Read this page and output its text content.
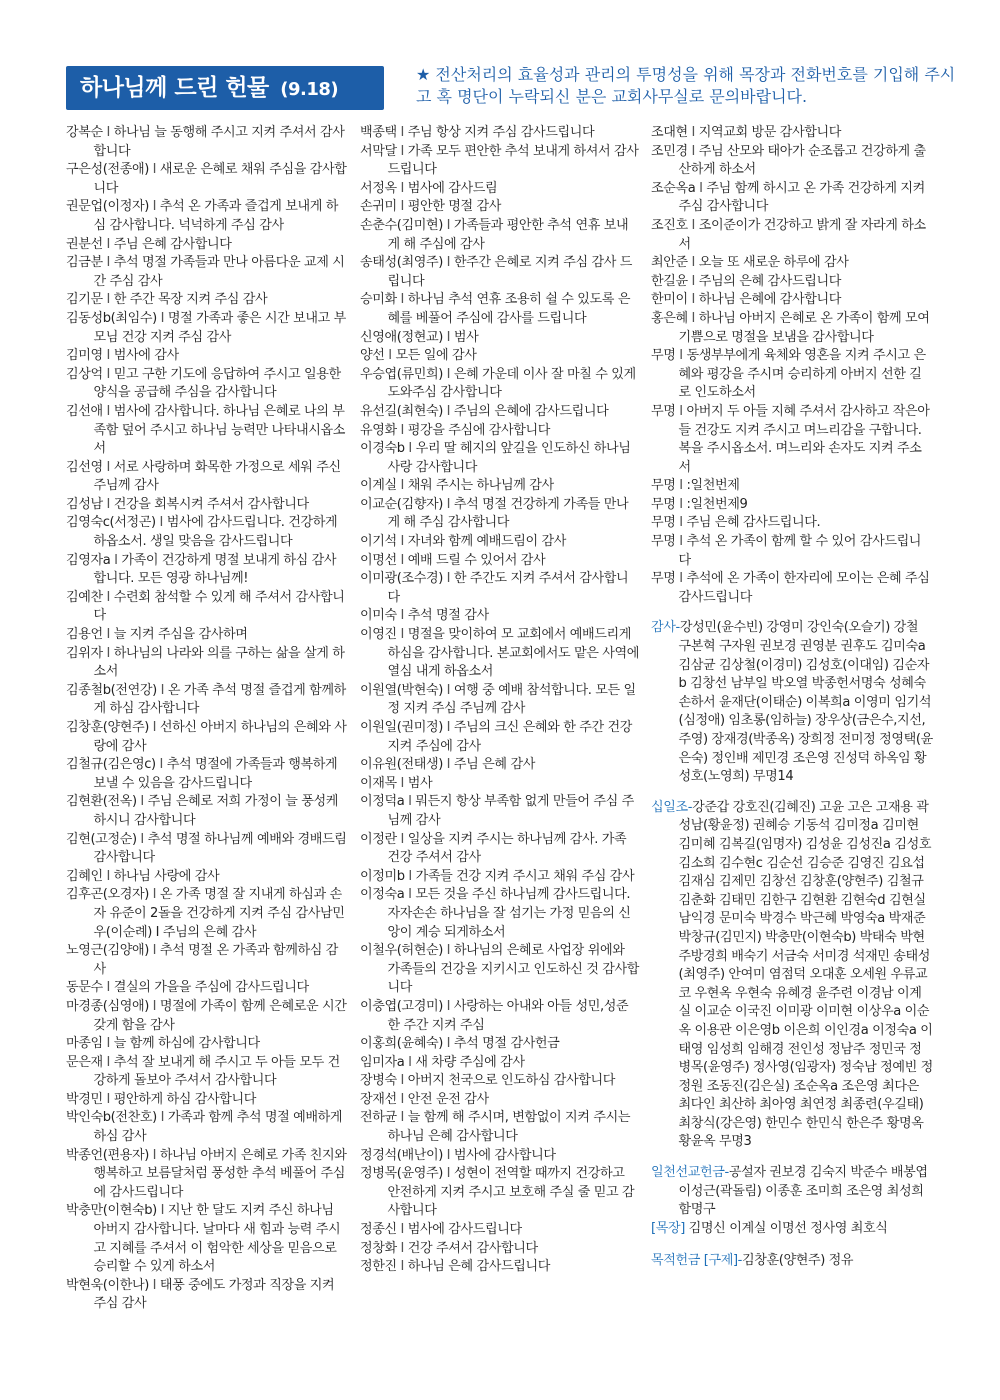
하나님께 드린 헌물 (9.18)
★ 전산처리의 효율성과 관리의 투명성을 위해 목장과 전화번호를 기입해 주시고 혹 명단이 누락되신 분은 교회사무실로 문의바랍니다.

강복순 I 하나님 늘 동행해 주시고 지켜 주셔서 감사합니다

구은성(전종애) I 새로운 은혜로 채워 주심을 감사합니다

권문업(이정자) I 추석 온 가족과 즐겁게 보내게 하심 감사합니다. 넉넉하게 주심 감사

권분선 I 주님 은혜 감사합니다

김금분 I 추석 명절 가족들과 만나 아름다운 교제 시간 주심 감사

김기문 I 한 주간 목장 지켜 주심 감사

김동성b(최임수) I 명절 가족과 좋은 시간 보내고 부모님 건강 지켜 주심 감사

김미영 I 범사에 감사

김상억 I 믿고 구한 기도에 응답하여 주시고 일용한 양식을 공급해 주심을 감사합니다

김선애 I 범사에 감사합니다. 하나님 은혜로 나의 부족함 덮어 주시고 하나님 능력만 나타내시옵소서

김선영 I 서로 사랑하며 화목한 가정으로 세워 주신 주님께 감사

김성남 I 건강을 회복시켜 주셔서 감사합니다

김영숙c(서정곤) I 범사에 감사드립니다. 건강하게 하옵소서. 생일 맞음을 감사드립니다

김영자a I 가족이 건강하게 명절 보내게 하심 감사합니다. 모든 영광 하나님께!

김예찬 I 수련회 참석할 수 있게 해 주셔서 감사합니다

김용언 I 늘 지켜 주심을 감사하며

김위자 I 하나님의 나라와 의를 구하는 삶을 살게 하소서

김종철b(전연강) I 온 가족 추석 명절 즐겁게 함께하게 하심 감사합니다

김창훈(양현주) I 선하신 아버지 하나님의 은혜와 사랑에 감사

김철규(김은영c) I 추석 명절에 가족들과 행복하게 보낼 수 있음을 감사드립니다

김현환(전옥) I 주님 은혜로 저희 가정이 늘 풍성케 하시니 감사합니다

김현(고정순) I 추석 명절 하나님께 예배와 경배드림 감사합니다

김혜인 I 하나님 사랑에 감사

김후곤(오경자) I 온 가족 명절 잘 지내게 하심과 손자 유준이 2돌을 건강하게 지켜 주심 감사남민우(이순례) I 주님의 은혜 감사

노영근(김양애) I 추석 명절 온 가족과 함께하심 감사

동문수 I 결실의 가을을 주심에 감사드립니다

마경종(심영애) I 명절에 가족이 함께 은혜로운 시간 갖게 함을 감사

마종임 I 늘 함께 하심에 감사합니다

문은재 I 추석 잘 보내게 해 주시고 두 아들 모두 건강하게 돌보아 주셔서 감사합니다

박경민 I 평안하게 하심 감사합니다

박인숙b(전찬호) I 가족과 함께 추석 명절 예배하게 하심 감사

박종언(편용자) I 하나님 아버지 은혜로 가족 친지와 행복하고 보름달처럼 풍성한 추석 베풀어 주심에 감사드립니다

박충만(이현숙b) I 지난 한 달도 지켜 주신 하나님 아버지 감사합니다. 날마다 새 힘과 능력 주시고 지혜를 주셔서 이 험악한 세상을 믿음으로 승리할 수 있게 하소서

박현욱(이한나) I 태풍 중에도 가정과 직장을 지켜 주심 감사

백종택 I 주님 항상 지켜 주심 감사드립니다

서막달 I 가족 모두 편안한 추석 보내게 하셔서 감사드립니다

서정옥 I 범사에 감사드림

손귀미 I 평안한 명절 감사

손춘수(김미현) I 가족들과 평안한 추석 연휴 보내게 해 주심에 감사

송태성(최영주) I 한주간 은혜로 지켜 주심 감사 드립니다

승미화 I 하나님 추석 연휴 조용히 쉴 수 있도록 은혜를 베풀어 주심에 감사를 드립니다

신영애(정현교) I 범사

양선 I 모든 일에 감사

우승엽(류민희) I 은혜 가운데 이사 잘 마칠 수 있게 도와주심 감사합니다

유선길(최현숙) I 주님의 은혜에 감사드립니다

유영화 I 평강을 주심에 감사합니다

이경숙b I 우리 딸 헤지의 앞길을 인도하신 하나님 사랑 감사합니다

이계실 I 채워 주시는 하나님께 감사

이교순(김향자) I 추석 명절 건강하게 가족들 만나게 해 주심 감사합니다

이기석 I 자녀와 함께 예배드림이 감사

이명선 I 예배 드릴 수 있어서 감사

이미광(조수경) I 한 주간도 지켜 주셔서 감사합니다

이미숙 I 추석 명절 감사

이영진 I 명절을 맞이하여 모 교회에서 예배드리게 하심을 감사합니다. 본교회에서도 맡은 사역에 열심 내게 하옵소서

이원열(박현숙) I 여행 중 예배 참석합니다. 모든 일정 지켜 주심 주님께 감사

이원일(권미정) I 주님의 크신 은혜와 한 주간 건강 지켜 주심에 감사

이유원(전태생) I 주님 은혜 감사

이재목 I 범사

이정덕a I 뭐든지 항상 부족함 없게 만들어 주심 주님께 감사

이정란 I 일상을 지켜 주시는 하나님께 감사. 가족 건강 주셔서 감사

이정미b I 가족들 건강 지켜 주시고 채워 주심 감사

이정숙a I 모든 것을 주신 하나님께 감사드립니다. 자자손손 하나님을 잘 섬기는 가정 믿음의 신앙이 계승 되게하소서

이철우(허현순) I 하나님의 은혜로 사업장 위에와 가족들의 건강을 지키시고 인도하신 것 감사합니다

이충엽(고경미) I 사랑하는 아내와 아들 성민,성준 한 주간 지켜 주심

이홍희(윤혜숙) I 추석 명절 감사헌금

임미자a I 새 차량 주심에 감사

장병숙 I 아버지 천국으로 인도하심 감사합니다

장재선 I 안전 운전 감사

전하균 I 늘 함께 해 주시며, 변함없이 지켜 주시는 하나님 은혜 감사합니다

정경석(배난이) I 범사에 감사합니다

정병목(윤영주) I 성현이 전역할 때까지 건강하고 안전하게 지켜 주시고 보호해 주실 줄 믿고 감사합니다

정종신 I 범사에 감사드립니다

정창화 I 건강 주셔서 감사합니다

정한진 I 하나님 은혜 감사드립니다

조대현 I 지역교회 방문 감사합니다

조민경 I 주님 산모와 태아가 순조롭고 건강하게 출산하게 하소서

조순옥a I 주님 함께 하시고 온 가족 건강하게 지켜 주심 감사합니다

조진호 I 조이준이가 건강하고 밝게 잘 자라게 하소서

최안준 I 오늘 또 새로운 하루에 감사

한길윤 I 주님의 은혜 감사드립니다

한미이 I 하나님 은혜에 감사합니다

홍은혜 I 하나님 아버지 은혜로 온 가족이 함께 모여 기쁨으로 명절을 보냄을 감사합니다

무명 I 동생부부에게 육체와 영혼을 지켜 주시고 은혜와 평강을 주시며 승리하게 아버지 선한 길로 인도하소서

무명 I 아버지 두 아들 지혜 주셔서 감사하고 작은아들 건강도 지켜 주시고 며느리감을 구합니다. 복을 주시옵소서. 며느리와 손자도 지켜 주소서

무명 I :일천번제

무명 I :일천번제9

무명 I 주님 은혜 감사드립니다.

무명 I 추석 온 가족이 함께 할 수 있어 감사드립니다

무명 I 추석에 온 가족이 한자리에 모이는 은혜 주심 감사드립니다

감사-강성민(윤수빈) 강영미 강인숙(오슬기) 강철 구본혁 구자원 권보경 권영분 권후도 김미숙a 김삼균 김상철(이경미) 김성호(이대임) 김순자b 김창선 남부일 박오열 박종헌서명숙 성혜숙 손하서 윤재단(이태순) 이복희a 이영미 임기석(심정애) 임초롱(임하늘) 장우상(금은수,지선,주영) 장재경(박종옥) 장희정 전미정 정영택(윤은숙) 정인배 제민경 조은영 진성덕 하옥임 황성호(노영희) 무명14

십일조-강준갑 강호진(김혜진) 고윤 고은 고재용 곽성남(황윤정) 권혜승 기동석 김미정a 김미현 김미혜 김복길(임명자) 김성윤 김성진a 김성호 김소희 김수현c 김순선 김승준 김영진 김요섭 김재심 김제민 김창선 김창훈(양현주) 김철규 김춘화 김태민 김한구 김현환 김현숙d 김현실 남익경 문미숙 박경수 박근혜 박영숙a 박재준 박창규(김민지) 박충만(이현숙b) 박태숙 박현주방경희 배숙기 서금숙 서미경 석재민 송태성(최영주) 안여미 염점덕 오대훈 오세원 우류교코 우현옥 우현숙 유혜경 윤주련 이경남 이계실 이교순 이국진 이미광 이미현 이상우a 이순옥 이용관 이은영b 이은희 이인경a 이정숙a 이태영 임성희 임해경 전인성 정남주 정민국 정병목(윤영주) 정사영(임광자) 정숙남 정예빈 정정원 조동진(김은실) 조순옥a 조은영 최다은 최다인 최산하 최아영 최연정 최종련(우길태) 최창식(강은영) 한민수 한민식 한은주 황명옥 황윤옥 무명3

일천선교헌금-공설자 권보경 김숙지 박준수 배봉엽 이성근(곽돌림) 이종훈 조미희 조은영 최성희 함명구

[목장] 김명신 이계실 이명선 정사영 최호식

목적헌금 [구제]-김창훈(양현주) 정유
